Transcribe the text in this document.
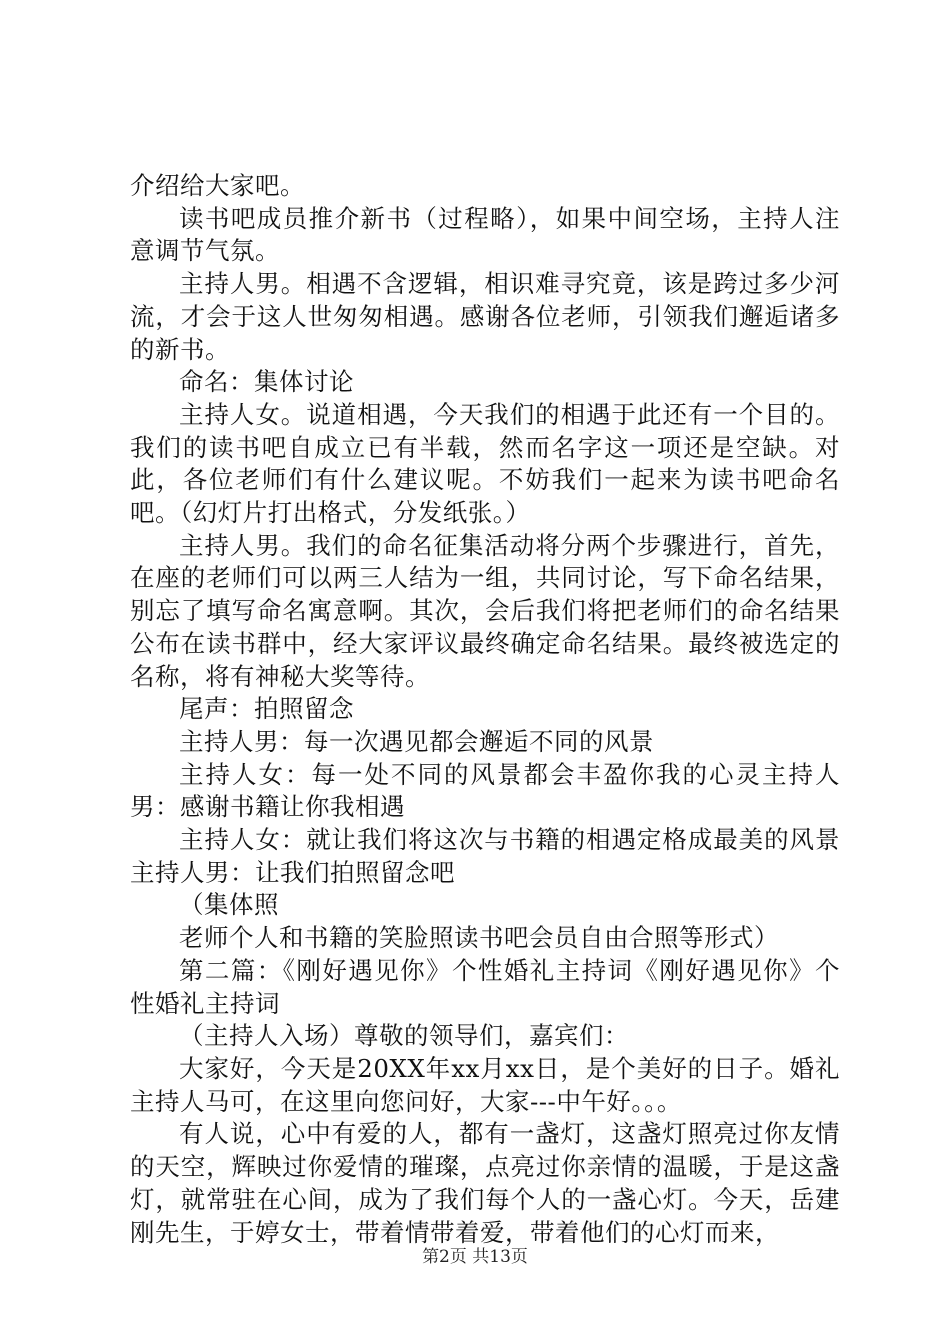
介绍给大家吧。

读书吧成员推介新书（过程略），如果中间空场，主持人注意调节气氛。

主持人男。相遇不含逻辑，相识难寻究竟，该是跨过多少河流，才会于这人世匆匆相遇。感谢各位老师，引领我们邂逅诸多的新书。

命名：集体讨论

主持人女。说道相遇，今天我们的相遇于此还有一个目的。我们的读书吧自成立已有半载，然而名字这一项还是空缺。对此，各位老师们有什么建议呢。不妨我们一起来为读书吧命名吧。（幻灯片打出格式，分发纸张。）

主持人男。我们的命名征集活动将分两个步骤进行，首先，在座的老师们可以两三人结为一组，共同讨论，写下命名结果，别忘了填写命名寓意啊。其次，会后我们将把老师们的命名结果公布在读书群中，经大家评议最终确定命名结果。最终被选定的名称，将有神秘大奖等待。

尾声：拍照留念

主持人男：每一次遇见都会邂逅不同的风景

主持人女：每一处不同的风景都会丰盈你我的心灵主持人男：感谢书籍让你我相遇

主持人女：就让我们将这次与书籍的相遇定格成最美的风景主持人男：让我们拍照留念吧

（集体照

老师个人和书籍的笑脸照读书吧会员自由合照等形式）

第二篇：《刚好遇见你》个性婚礼主持词《刚好遇见你》个性婚礼主持词

（主持人入场）尊敬的领导们，嘉宾们：

大家好，今天是20XX年xx月xx日，是个美好的日子。婚礼主持人马可，在这里向您问好，大家---中午好。。。

有人说，心中有爱的人，都有一盏灯，这盏灯照亮过你友情的天空，辉映过你爱情的璀璨，点亮过你亲情的温暖，于是这盏灯，就常驻在心间，成为了我们每个人的一盏心灯。今天，岳建刚先生，于婷女士，带着情带着爱，带着他们的心灯而来，

第2页 共13页
